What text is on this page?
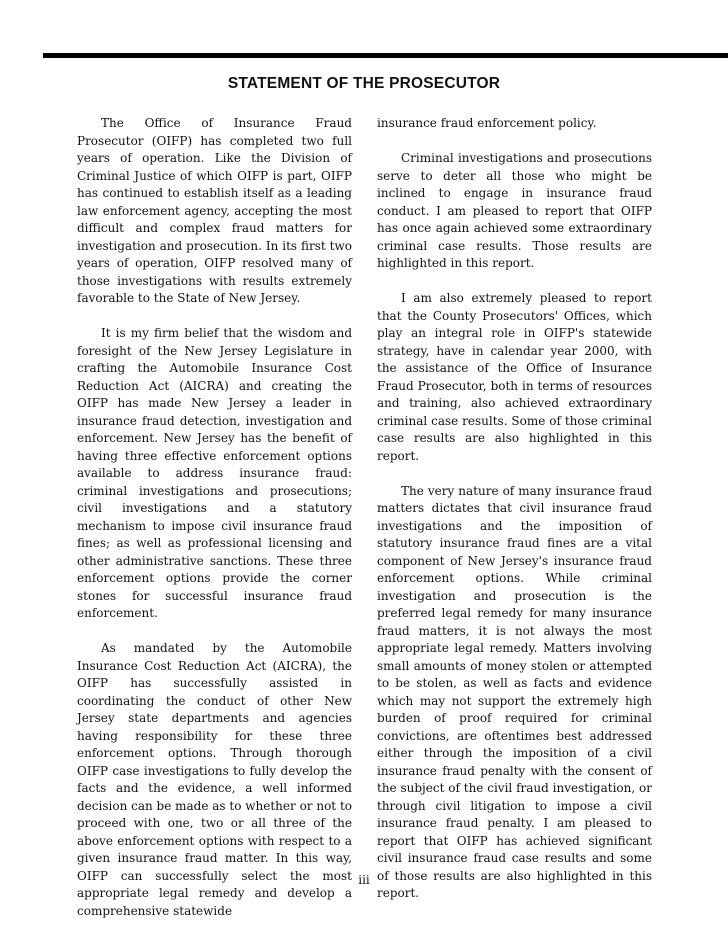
STATEMENT OF THE PROSECUTOR

The Office of Insurance Fraud Prosecutor (OIFP) has completed two full years of operation. Like the Division of Criminal Justice of which OIFP is part, OIFP has continued to establish itself as a leading law enforcement agency, accepting the most difficult and complex fraud matters for investigation and prosecution. In its first two years of operation, OIFP resolved many of those investigations with results extremely favorable to the State of New Jersey.

It is my firm belief that the wisdom and foresight of the New Jersey Legislature in crafting the Automobile Insurance Cost Reduction Act (AICRA) and creating the OIFP has made New Jersey a leader in insurance fraud detection, investigation and enforcement. New Jersey has the benefit of having three effective enforcement options available to address insurance fraud: criminal investigations and prosecutions; civil investigations and a statutory mechanism to impose civil insurance fraud fines; as well as professional licensing and other administrative sanctions. These three enforcement options provide the corner stones for successful insurance fraud enforcement.

As mandated by the Automobile Insurance Cost Reduction Act (AICRA), the OIFP has successfully assisted in coordinating the conduct of other New Jersey state departments and agencies having responsibility for these three enforcement options. Through thorough OIFP case investigations to fully develop the facts and the evidence, a well informed decision can be made as to whether or not to proceed with one, two or all three of the above enforcement options with respect to a given insurance fraud matter. In this way, OIFP can successfully select the most appropriate legal remedy and develop a comprehensive statewide

insurance fraud enforcement policy.

Criminal investigations and prosecutions serve to deter all those who might be inclined to engage in insurance fraud conduct. I am pleased to report that OIFP has once again achieved some extraordinary criminal case results. Those results are highlighted in this report.

I am also extremely pleased to report that the County Prosecutors' Offices, which play an integral role in OIFP's statewide strategy, have in calendar year 2000, with the assistance of the Office of Insurance Fraud Prosecutor, both in terms of resources and training, also achieved extraordinary criminal case results. Some of those criminal case results are also highlighted in this report.

The very nature of many insurance fraud matters dictates that civil insurance fraud investigations and the imposition of statutory insurance fraud fines are a vital component of New Jersey's insurance fraud enforcement options. While criminal investigation and prosecution is the preferred legal remedy for many insurance fraud matters, it is not always the most appropriate legal remedy. Matters involving small amounts of money stolen or attempted to be stolen, as well as facts and evidence which may not support the extremely high burden of proof required for criminal convictions, are oftentimes best addressed either through the imposition of a civil insurance fraud penalty with the consent of the subject of the civil fraud investigation, or through civil litigation to impose a civil insurance fraud penalty. I am pleased to report that OIFP has achieved significant civil insurance fraud case results and some of those results are also highlighted in this report.

iii
